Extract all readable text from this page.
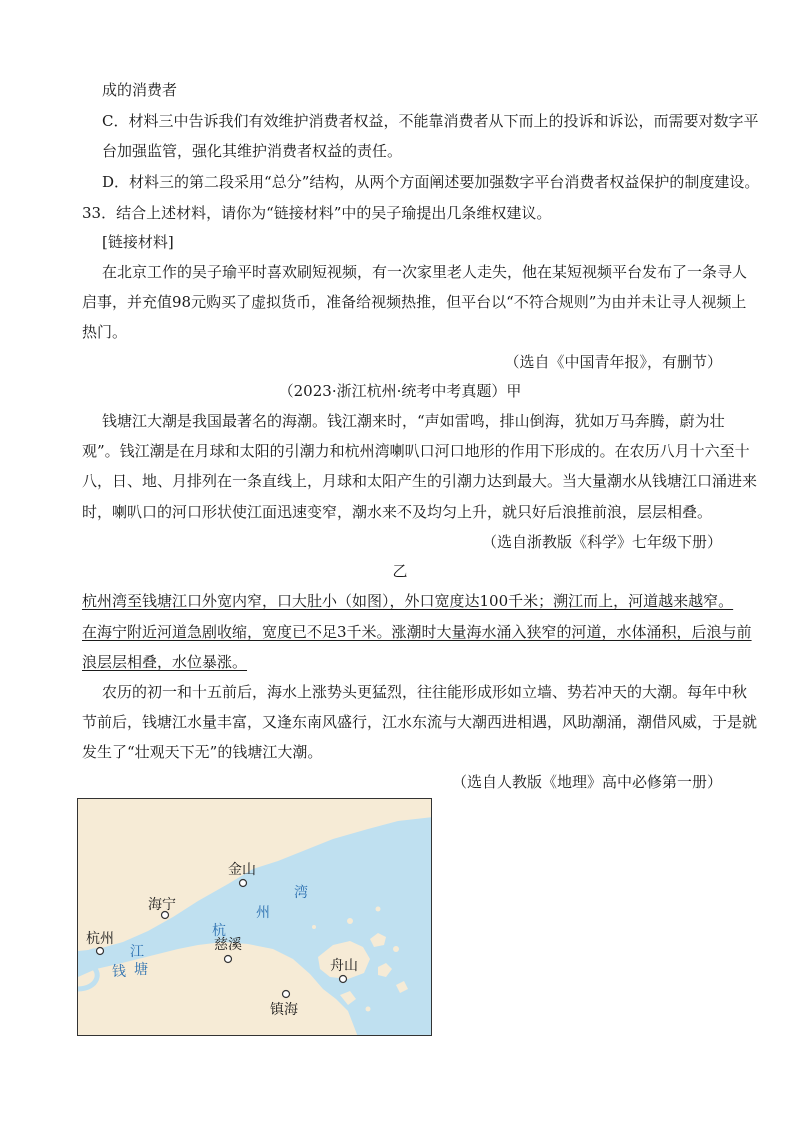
成的消费者
C．材料三中告诉我们有效维护消费者权益，不能靠消费者从下而上的投诉和诉讼，而需要对数字平
台加强监管，强化其维护消费者权益的责任。
D．材料三的第二段采用“总分”结构，从两个方面阐述要加强数字平台消费者权益保护的制度建设。
33．结合上述材料，请你为“链接材料”中的吴子瑜提出几条维权建议。
[链接材料]
在北京工作的吴子瑜平时喜欢刷短视频，有一次家里老人走失，他在某短视频平台发布了一条寻人
启事，并充值98元购买了虚拟货币，准备给视频热推，但平台以“不符合规则”为由并未让寻人视频上
热门。
（选自《中国青年报》，有删节）
（2023·浙江杭州·统考中考真题）甲
钱塘江大潮是我国最著名的海潮。钱江潮来时，“声如雷鸣，排山倒海，犹如万马奔腾，蔚为壮
观”。钱江潮是在月球和太阳的引潮力和杭州湾喇叭口河口地形的作用下形成的。在农历八月十六至十
八，日、地、月排列在一条直线上，月球和太阳产生的引潮力达到最大。当大量潮水从钱塘江口涌进来
时，喇叭口的河口形状使江面迅速变窄，潮水来不及均匀上升，就只好后浪推前浪，层层相叠。
（选自浙教版《科学》七年级下册）
乙
杭州湾至钱塘江口外宽内窄，口大肚小（如图），外口宽度达100千米；溯江而上，河道越来越窄。
在海宁附近河道急剧收缩，宽度已不足3千米。涨潮时大量海水涌入狭窄的河道，水体涌积，后浪与前
浪层层相叠，水位暴涨。
农历的初一和十五前后，海水上涨势头更猛烈，往往能形成形如立墙、势若冲天的大潮。每年中秋
节前后，钱塘江水量丰富，又逢东南风盛行，江水东流与大潮西进相遇，风助潮涌，潮借风威，于是就
发生了“壮观天下无”的钱塘江大潮。
（选自人教版《地理》高中必修第一册）
金山
海宁
杭州	慈溪
舟山
镇海
杭
州
湾
江
塘
钱
